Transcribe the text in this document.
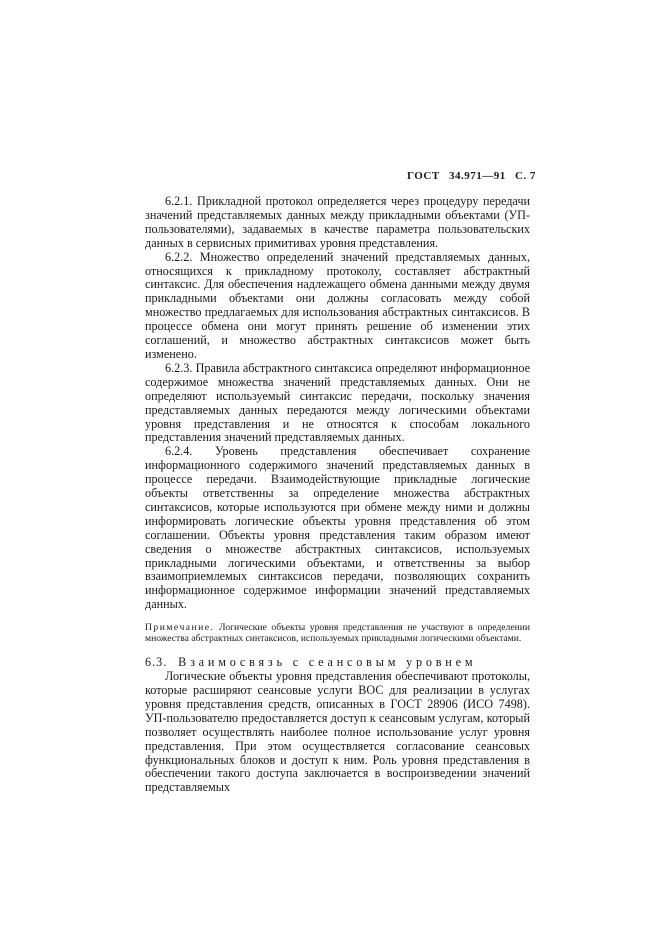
ГОСТ 34.971—91 С. 7

6.2.1. Прикладной протокол определяется через процедуру передачи значений представляемых данных между прикладными объектами (УП-пользователями), задаваемых в качестве параметра пользовательских данных в сервисных примитивах уровня представления.

6.2.2. Множество определений значений представляемых данных, относящихся к прикладному протоколу, составляет абстрактный синтаксис. Для обеспечения надлежащего обмена данными между двумя прикладными объектами они должны согласовать между собой множество предлагаемых для использования абстрактных синтаксисов. В процессе обмена они могут принять решение об изменении этих соглашений, и множество абстрактных синтаксисов может быть изменено.

6.2.3. Правила абстрактного синтаксиса определяют информационное содержимое множества значений представляемых данных. Они не определяют используемый синтаксис передачи, поскольку значения представляемых данных передаются между логическими объектами уровня представления и не относятся к способам локального представления значений представляемых данных.

6.2.4. Уровень представления обеспечивает сохранение информационного содержимого значений представляемых данных в процессе передачи. Взаимодействующие прикладные логические объекты ответственны за определение множества абстрактных синтаксисов, которые используются при обмене между ними и должны информировать логические объекты уровня представления об этом соглашении. Объекты уровня представления таким образом имеют сведения о множестве абстрактных синтаксисов, используемых прикладными логическими объектами, и ответственны за выбор взаимоприемлемых синтаксисов передачи, позволяющих сохранить информационное содержимое информации значений представляемых данных.

Примечание. Логические объекты уровня представления не участвуют в определении множества абстрактных синтаксисов, используемых прикладными логическими объектами.

6.3. Взаимосвязь с сеансовым уровнем

Логические объекты уровня представления обеспечивают протоколы, которые расширяют сеансовые услуги ВОС для реализации в услугах уровня представления средств, описанных в ГОСТ 28906 (ИСО 7498). УП-пользователю предоставляется доступ к сеансовым услугам, который позволяет осуществлять наиболее полное использование услуг уровня представления. При этом осуществляется согласование сеансовых функциональных блоков и доступ к ним. Роль уровня представления в обеспечении такого доступа заключается в воспроизведении значений представляемых
